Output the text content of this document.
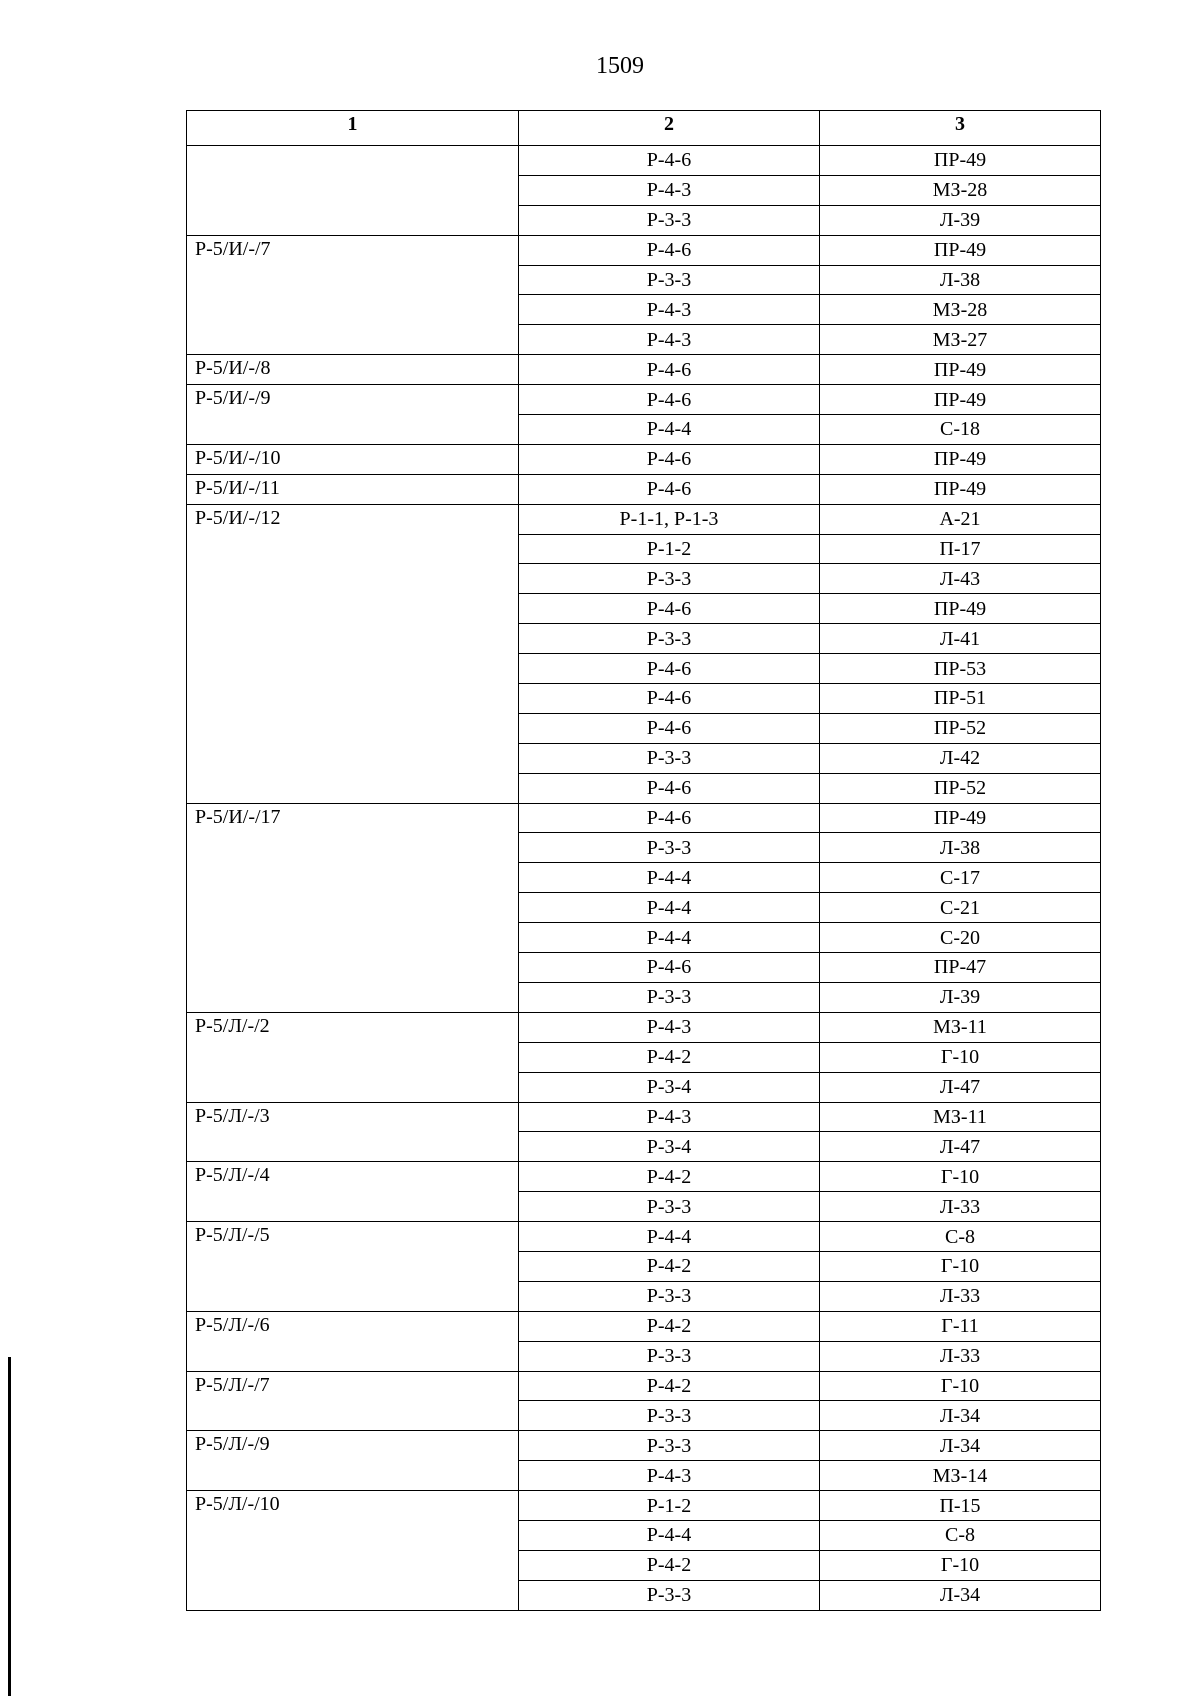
1509
1	2	3
	Р-4-6	ПР-49
	Р-4-3	МЗ-28
	Р-3-3	Л-39
Р-5/И/-/7	Р-4-6	ПР-49
	Р-3-3	Л-38
	Р-4-3	МЗ-28
	Р-4-3	МЗ-27
Р-5/И/-/8	Р-4-6	ПР-49
Р-5/И/-/9	Р-4-6	ПР-49
	Р-4-4	С-18
Р-5/И/-/10	Р-4-6	ПР-49
Р-5/И/-/11	Р-4-6	ПР-49
Р-5/И/-/12	Р-1-1, Р-1-3	А-21
	Р-1-2	П-17
	Р-3-3	Л-43
	Р-4-6	ПР-49
	Р-3-3	Л-41
	Р-4-6	ПР-53
	Р-4-6	ПР-51
	Р-4-6	ПР-52
	Р-3-3	Л-42
	Р-4-6	ПР-52
Р-5/И/-/17	Р-4-6	ПР-49
	Р-3-3	Л-38
	Р-4-4	С-17
	Р-4-4	С-21
	Р-4-4	С-20
	Р-4-6	ПР-47
	Р-3-3	Л-39
Р-5/Л/-/2	Р-4-3	МЗ-11
	Р-4-2	Г-10
	Р-3-4	Л-47
Р-5/Л/-/3	Р-4-3	МЗ-11
	Р-3-4	Л-47
Р-5/Л/-/4	Р-4-2	Г-10
	Р-3-3	Л-33
Р-5/Л/-/5	Р-4-4	С-8
	Р-4-2	Г-10
	Р-3-3	Л-33
Р-5/Л/-/6	Р-4-2	Г-11
	Р-3-3	Л-33
Р-5/Л/-/7	Р-4-2	Г-10
	Р-3-3	Л-34
Р-5/Л/-/9	Р-3-3	Л-34
	Р-4-3	МЗ-14
Р-5/Л/-/10	Р-1-2	П-15
	Р-4-4	С-8
	Р-4-2	Г-10
	Р-3-3	Л-34
